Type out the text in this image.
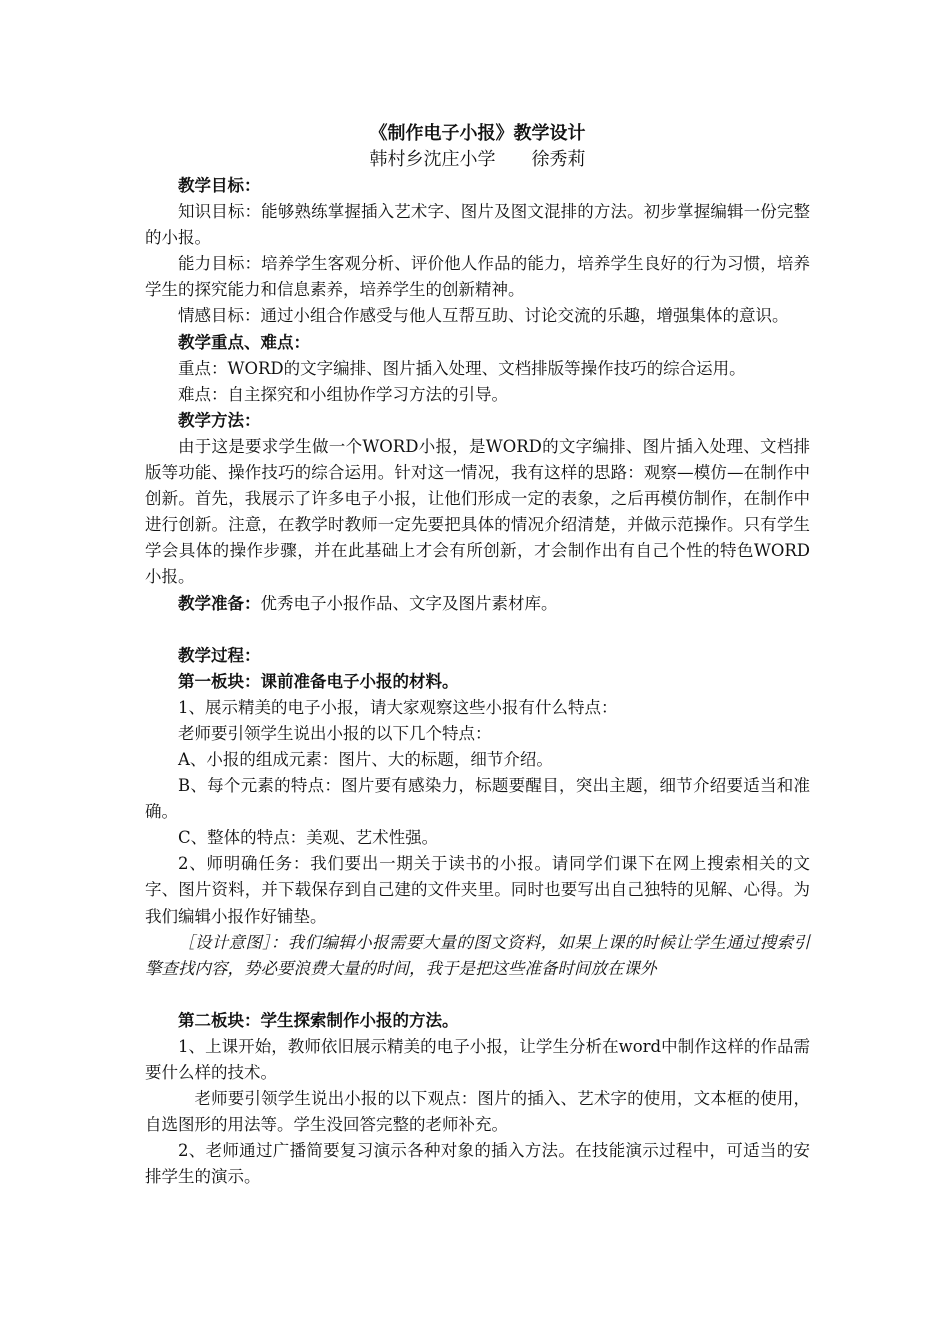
《制作电子小报》教学设计
韩村乡沈庄小学　　徐秀莉
教学目标：

知识目标：能够熟练掌握插入艺术字、图片及图文混排的方法。初步掌握编辑一份完整的小报。

能力目标：培养学生客观分析、评价他人作品的能力，培养学生良好的行为习惯，培养学生的探究能力和信息素养，培养学生的创新精神。

情感目标：通过小组合作感受与他人互帮互助、讨论交流的乐趣，增强集体的意识。

教学重点、难点：

重点：WORD的文字编排、图片插入处理、文档排版等操作技巧的综合运用。

难点：自主探究和小组协作学习方法的引导。

教学方法：

由于这是要求学生做一个WORD小报，是WORD的文字编排、图片插入处理、文档排版等功能、操作技巧的综合运用。针对这一情况，我有这样的思路：观察—模仿—在制作中创新。首先，我展示了许多电子小报，让他们形成一定的表象，之后再模仿制作，在制作中进行创新。注意，在教学时教师一定先要把具体的情况介绍清楚，并做示范操作。只有学生学会具体的操作步骤，并在此基础上才会有所创新，才会制作出有自己个性的特色WORD小报。

教学准备：优秀电子小报作品、文字及图片素材库。

教学过程：
第一板块：课前准备电子小报的材料。

1、展示精美的电子小报，请大家观察这些小报有什么特点：

老师要引领学生说出小报的以下几个特点：

A、小报的组成元素：图片、大的标题，细节介绍。

B、每个元素的特点：图片要有感染力，标题要醒目，突出主题，细节介绍要适当和准确。

C、整体的特点：美观、艺术性强。

2、师明确任务：我们要出一期关于读书的小报。请同学们课下在网上搜索相关的文字、图片资料，并下载保存到自己建的文件夹里。同时也要写出自己独特的见解、心得。为我们编辑小报作好铺垫。

［设计意图］：我们编辑小报需要大量的图文资料，如果上课的时候让学生通过搜索引擎查找内容，势必要浪费大量的时间，我于是把这些准备时间放在课外

第二板块：学生探索制作小报的方法。

1、上课开始，教师依旧展示精美的电子小报，让学生分析在word中制作这样的作品需要什么样的技术。

老师要引领学生说出小报的以下观点：图片的插入、艺术字的使用，文本框的使用，自选图形的用法等。学生没回答完整的老师补充。

2、老师通过广播简要复习演示各种对象的插入方法。在技能演示过程中，可适当的安排学生的演示。
